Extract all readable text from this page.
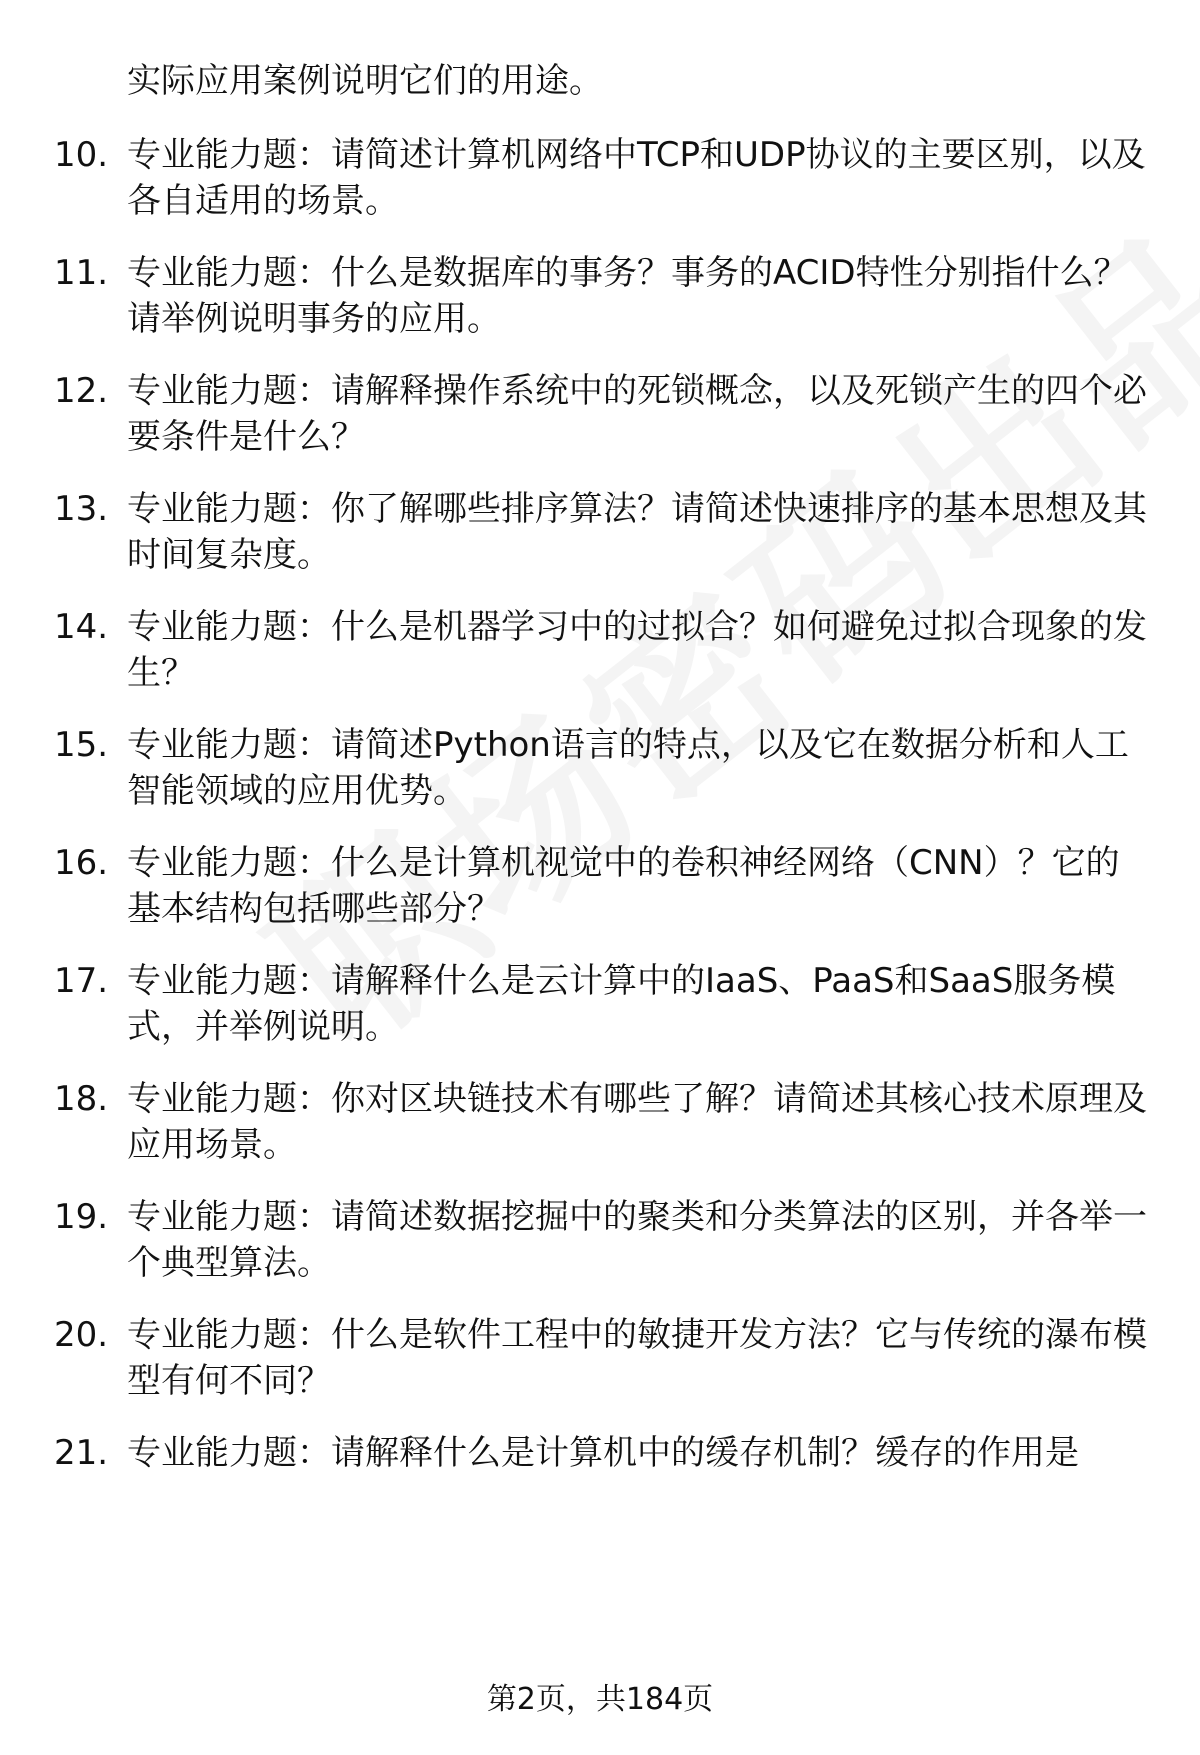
实际应用案例说明它们的用途。
10. 专业能力题：请简述计算机网络中TCP和UDP协议的主要区别，以及各自适用的场景。
11. 专业能力题：什么是数据库的事务？事务的ACID特性分别指什么？请举例说明事务的应用。
12. 专业能力题：请解释操作系统中的死锁概念，以及死锁产生的四个必要条件是什么？
13. 专业能力题：你了解哪些排序算法？请简述快速排序的基本思想及其时间复杂度。
14. 专业能力题：什么是机器学习中的过拟合？如何避免过拟合现象的发生？
15. 专业能力题：请简述Python语言的特点，以及它在数据分析和人工智能领域的应用优势。
16. 专业能力题：什么是计算机视觉中的卷积神经网络（CNN）？它的基本结构包括哪些部分？
17. 专业能力题：请解释什么是云计算中的IaaS、PaaS和SaaS服务模式，并举例说明。
18. 专业能力题：你对区块链技术有哪些了解？请简述其核心技术原理及应用场景。
19. 专业能力题：请简述数据挖掘中的聚类和分类算法的区别，并各举一个典型算法。
20. 专业能力题：什么是软件工程中的敏捷开发方法？它与传统的瀑布模型有何不同？
21. 专业能力题：请解释什么是计算机中的缓存机制？缓存的作用是
第2页，共184页
